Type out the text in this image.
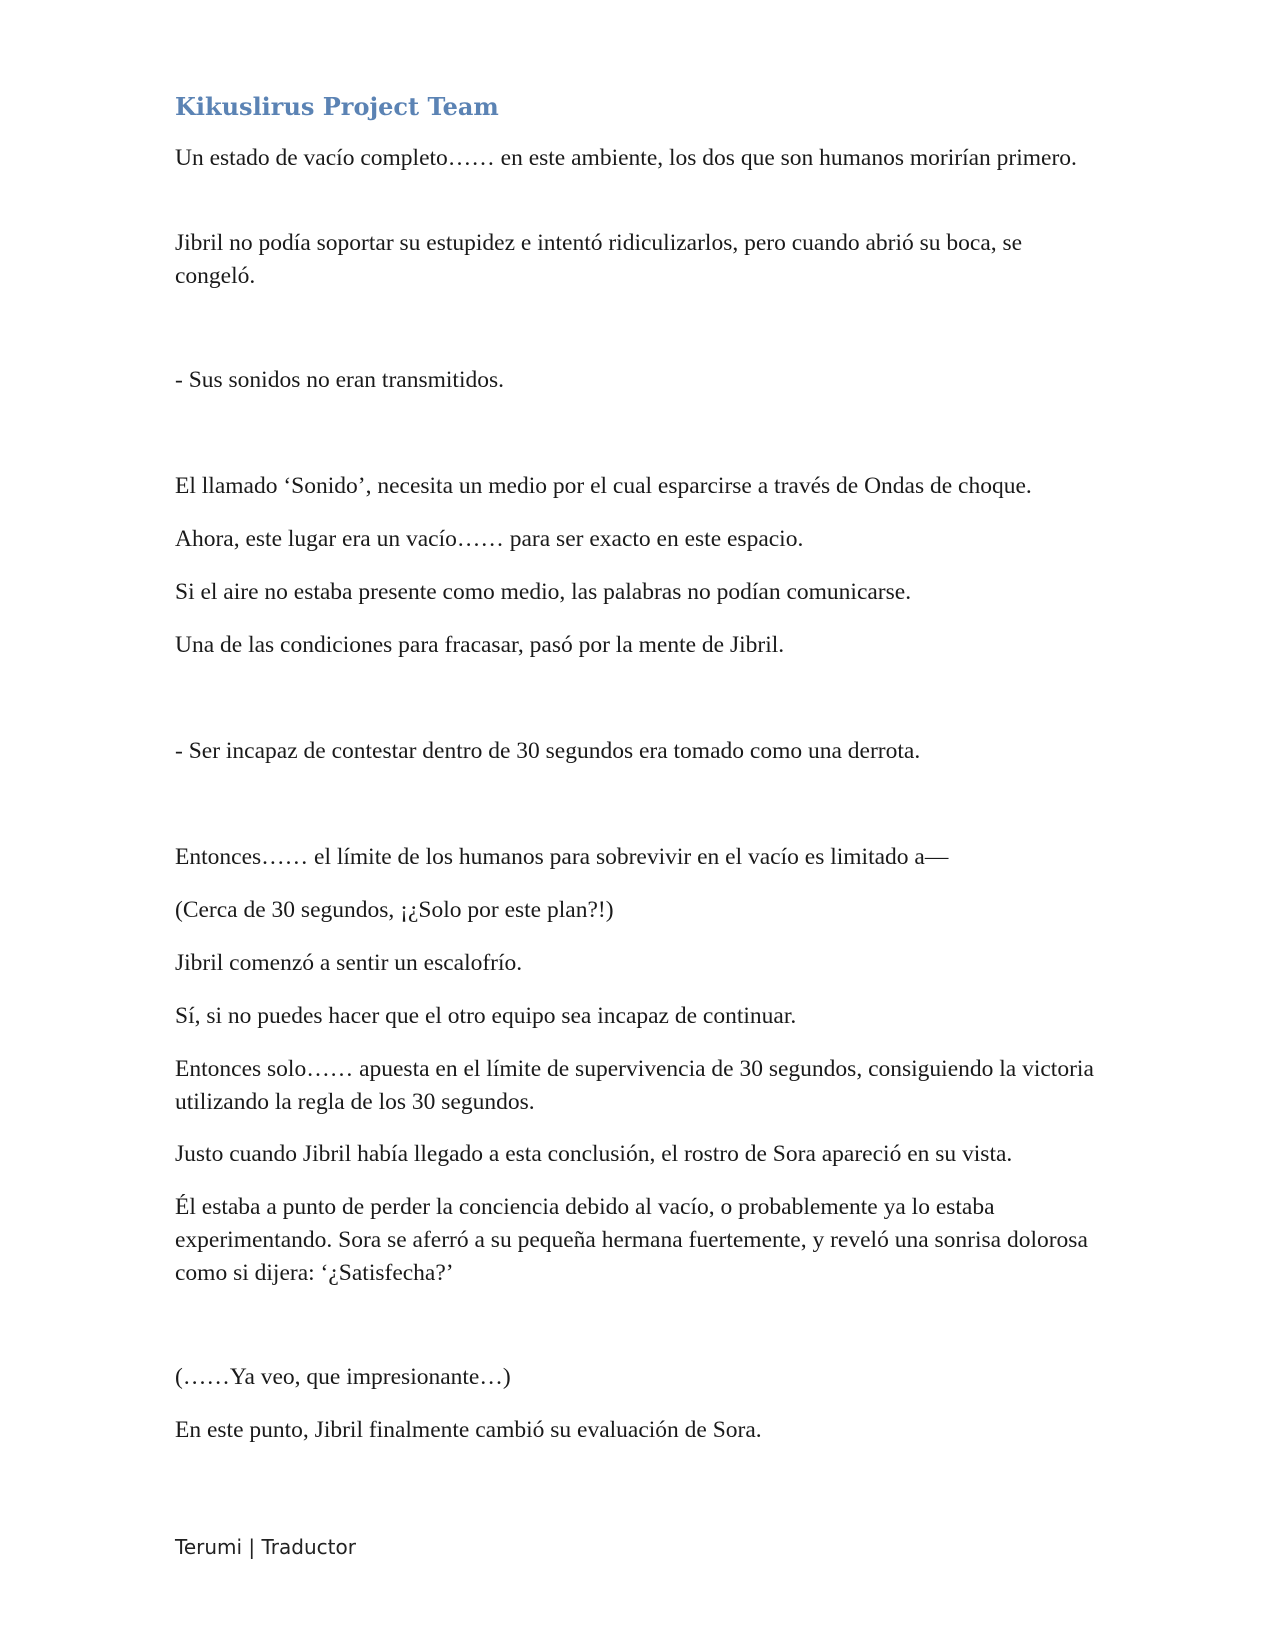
Kikuslirus Project Team

Un estado de vacío completo…… en este ambiente, los dos que son humanos morirían primero.

Jibril no podía soportar su estupidez e intentó ridiculizarlos, pero cuando abrió su boca, se congeló.

- Sus sonidos no eran transmitidos.

El llamado ‘Sonido’, necesita un medio por el cual esparcirse a través de Ondas de choque.

Ahora, este lugar era un vacío…… para ser exacto en este espacio.

Si el aire no estaba presente como medio, las palabras no podían comunicarse.

Una de las condiciones para fracasar, pasó por la mente de Jibril.

- Ser incapaz de contestar dentro de 30 segundos era tomado como una derrota.

Entonces…… el límite de los humanos para sobrevivir en el vacío es limitado a—

(Cerca de 30 segundos, ¡¿Solo por este plan?!)

Jibril comenzó a sentir un escalofrío.

Sí, si no puedes hacer que el otro equipo sea incapaz de continuar.

Entonces solo…… apuesta en el límite de supervivencia de 30 segundos, consiguiendo la victoria utilizando la regla de los 30 segundos.

Justo cuando Jibril había llegado a esta conclusión, el rostro de Sora apareció en su vista.

Él estaba a punto de perder la conciencia debido al vacío, o probablemente ya lo estaba experimentando. Sora se aferró a su pequeña hermana fuertemente, y reveló una sonrisa dolorosa como si dijera: ‘¿Satisfecha?’

(……Ya veo, que impresionante…)

En este punto, Jibril finalmente cambió su evaluación de Sora.

Terumi | Traductor
